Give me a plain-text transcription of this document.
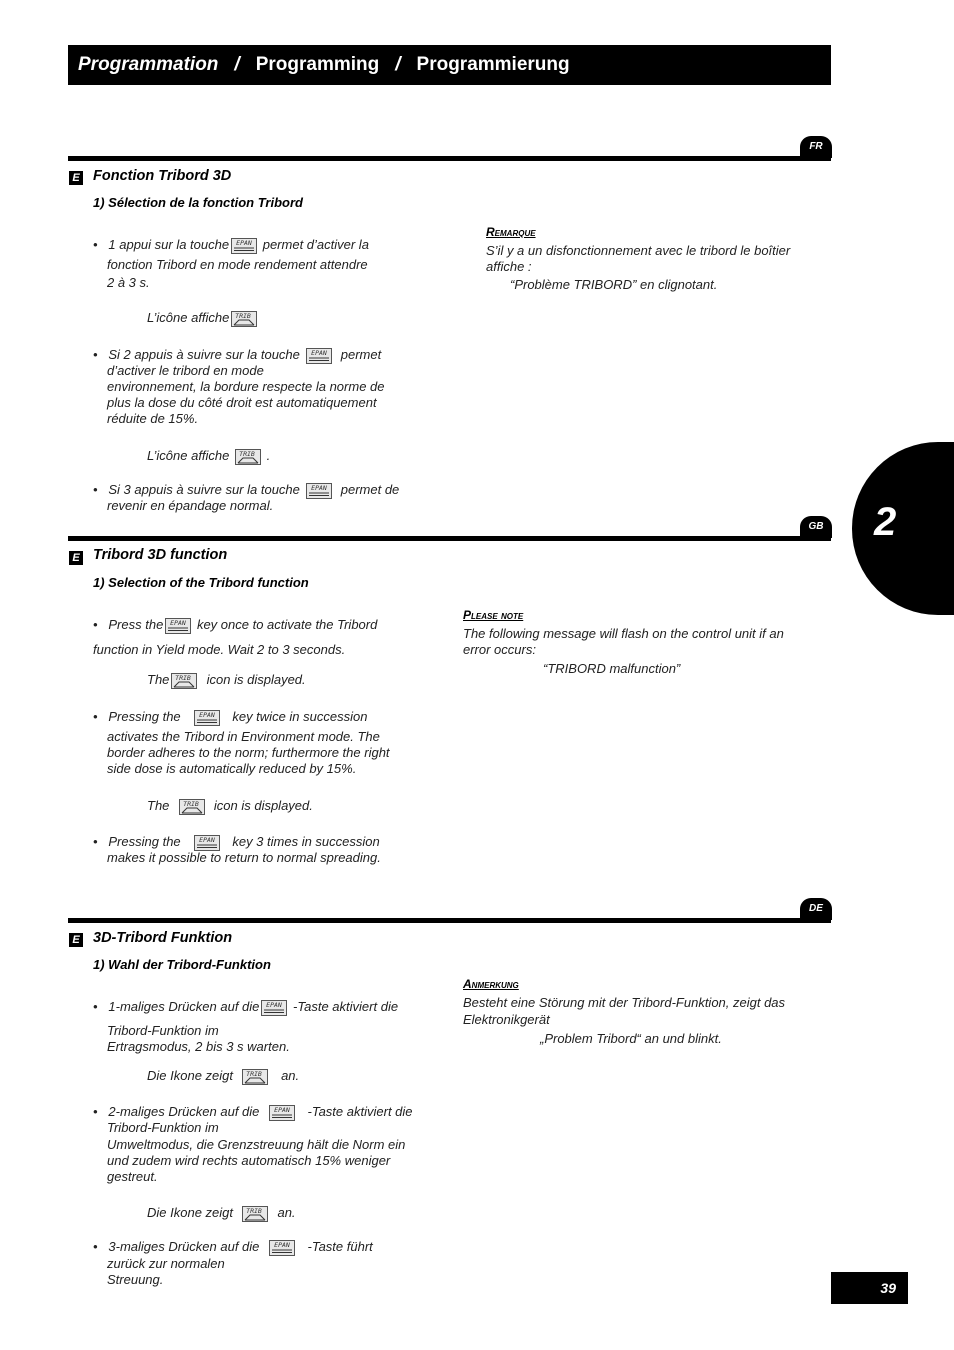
Programmation / Programming / Programmierung
2
39
FR
E Fonction Tribord 3D
1) Sélection de la fonction Tribord
•   1 appui sur la touche	permet d’activer la
fonction Tribord en mode rendement attendre
2 à 3 s.
L’icône affiche
•   Si 2 appuis à suivre sur la touche	permet
d’activer le tribord en mode
environnement, la bordure respecte la norme de
plus la dose du côté droit est automatiquement
réduite de 15%.
L’icône affiche	.
•   Si 3 appuis à suivre sur la touche	permet de
revenir en épandage normal.
Remarque
S’il y a un disfonctionnement avec le tribord le boîtier
affiche :
“Problème TRIBORD” en clignotant.
GB
E Tribord 3D function
1) Selection of the Tribord function
•   Press the	key once to activate the Tribord
function in Yield mode. Wait 2 to 3 seconds.
The	icon is displayed.
•   Pressing the	key twice in succession
activates the Tribord in Environment mode. The
border adheres to the norm; furthermore the right
side dose is automatically reduced by 15%.
The	icon is displayed.
•   Pressing the	key 3 times in succession
makes it possible to return to normal spreading.
Please note
The following message will flash on the control unit if an
error occurs:
“TRIBORD malfunction”
DE
E 3D-Tribord Funktion
1) Wahl der Tribord-Funktion
•   1-maliges Drücken auf die	-Taste aktiviert die
Tribord-Funktion im
Ertragsmodus, 2 bis 3 s warten.
Die Ikone zeigt	an.
•   2-maliges Drücken auf die	-Taste aktiviert die
Tribord-Funktion im
Umweltmodus, die Grenzstreuung hält die Norm ein
und zudem wird rechts automatisch 15% weniger
gestreut.
Die Ikone zeigt	an.
•   3-maliges Drücken auf die	-Taste führt
zurück zur normalen
Streuung.
Anmerkung
Besteht eine Störung mit der Tribord-Funktion, zeigt das
Elektronikgerät
„Problem Tribord“ an und blinkt.
